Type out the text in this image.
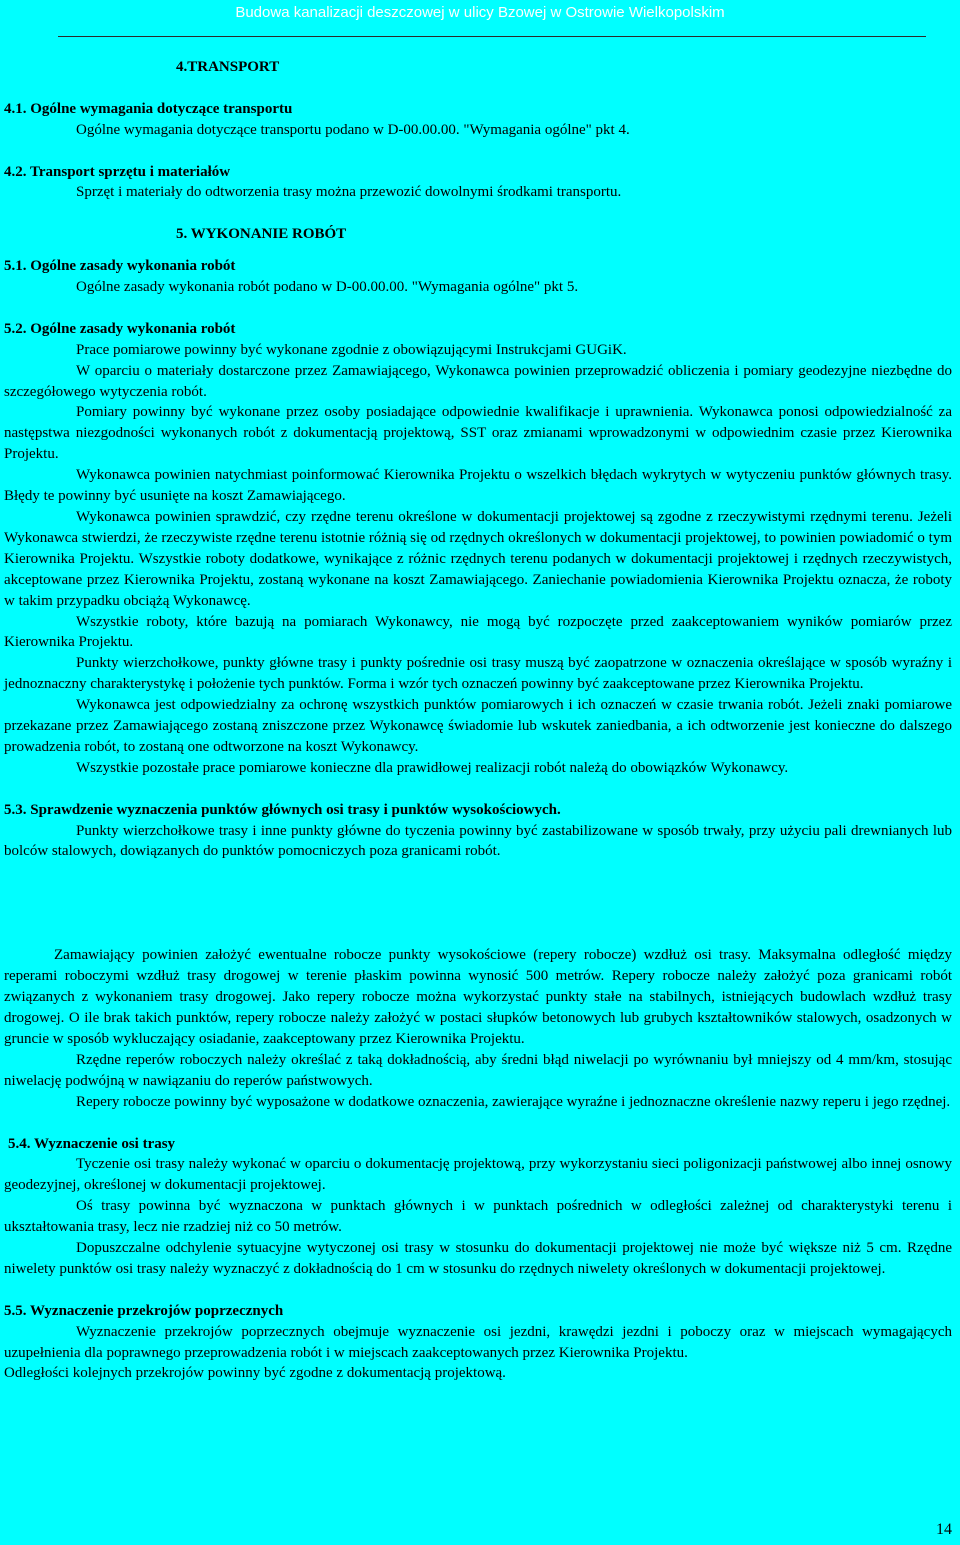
Budowa kanalizacji deszczowej w ulicy Bzowej w Ostrowie Wielkopolskim

4.TRANSPORT

4.1. Ogólne wymagania dotyczące transportu

Ogólne wymagania dotyczące transportu podano w D-00.00.00. "Wymagania ogólne" pkt 4.

4.2. Transport sprzętu i materiałów

Sprzęt i materiały do odtworzenia trasy można przewozić dowolnymi środkami transportu.

5. WYKONANIE ROBÓT

5.1. Ogólne zasady wykonania robót

Ogólne zasady wykonania robót podano w D-00.00.00. "Wymagania ogólne" pkt 5.

5.2. Ogólne zasady wykonania robót

Prace pomiarowe powinny być wykonane zgodnie z obowiązującymi Instrukcjami GUGiK.

W oparciu o materiały dostarczone przez Zamawiającego, Wykonawca powinien przeprowadzić obliczenia i pomiary geodezyjne niezbędne do szczegółowego wytyczenia robót.

Pomiary powinny być wykonane przez osoby posiadające odpowiednie kwalifikacje i uprawnienia. Wykonawca ponosi odpowiedzialność za następstwa niezgodności wykonanych robót z dokumentacją projektową, SST oraz zmianami wprowadzonymi w odpowiednim czasie przez Kierownika Projektu.

Wykonawca powinien natychmiast poinformować Kierownika Projektu o wszelkich błędach wykrytych w wytyczeniu punktów głównych trasy. Błędy te powinny być usunięte na koszt Zamawiającego.

Wykonawca powinien sprawdzić, czy rzędne terenu określone w dokumentacji projektowej są zgodne z rzeczywistymi rzędnymi terenu. Jeżeli Wykonawca stwierdzi, że rzeczywiste rzędne terenu istotnie różnią się od rzędnych określonych w dokumentacji projektowej, to powinien powiadomić o tym Kierownika Projektu. Wszystkie roboty dodatkowe, wynikające z różnic rzędnych terenu podanych w dokumentacji projektowej i rzędnych rzeczywistych, akceptowane przez Kierownika Projektu, zostaną wykonane na koszt Zamawiającego. Zaniechanie powiadomienia Kierownika Projektu oznacza, że roboty w takim przypadku obciążą Wykonawcę.

Wszystkie roboty, które bazują na pomiarach Wykonawcy, nie mogą być rozpoczęte przed zaakceptowaniem wyników pomiarów przez Kierownika Projektu.

Punkty wierzchołkowe, punkty główne trasy i punkty pośrednie osi trasy muszą być zaopatrzone w oznaczenia określające w sposób wyraźny i jednoznaczny charakterystykę i położenie tych punktów. Forma i wzór tych oznaczeń powinny być zaakceptowane przez Kierownika Projektu.

Wykonawca jest odpowiedzialny za ochronę wszystkich punktów pomiarowych i ich oznaczeń w czasie trwania robót. Jeżeli znaki pomiarowe przekazane przez Zamawiającego zostaną zniszczone przez Wykonawcę świadomie lub wskutek zaniedbania, a ich odtworzenie jest konieczne do dalszego prowadzenia robót, to zostaną one odtworzone na koszt Wykonawcy.

Wszystkie pozostałe prace pomiarowe konieczne dla prawidłowej realizacji robót należą do obowiązków Wykonawcy.

5.3. Sprawdzenie wyznaczenia punktów głównych osi trasy i punktów wysokościowych.

Punkty wierzchołkowe trasy i inne punkty główne do tyczenia powinny być zastabilizowane w sposób trwały, przy użyciu pali drewnianych lub bolców stalowych, dowiązanych do punktów pomocniczych poza granicami robót.

Zamawiający powinien założyć ewentualne robocze punkty wysokościowe (repery robocze) wzdłuż osi trasy. Maksymalna odległość między reperami roboczymi wzdłuż trasy drogowej w terenie płaskim powinna wynosić 500 metrów. Repery robocze należy założyć poza granicami robót związanych z wykonaniem trasy drogowej. Jako repery robocze można wykorzystać punkty stałe na stabilnych, istniejących budowlach wzdłuż trasy drogowej. O ile brak takich punktów, repery robocze należy założyć w postaci słupków betonowych lub grubych kształtowników stalowych, osadzonych w gruncie w sposób wykluczający osiadanie, zaakceptowany przez Kierownika Projektu.

Rzędne reperów roboczych należy określać z taką dokładnością, aby średni błąd niwelacji po wyrównaniu był mniejszy od 4 mm/km, stosując niwelację podwójną w nawiązaniu do reperów państwowych.

Repery robocze powinny być wyposażone w dodatkowe oznaczenia, zawierające wyraźne i jednoznaczne określenie nazwy reperu i jego rzędnej.

5.4. Wyznaczenie osi trasy

Tyczenie osi trasy należy wykonać w oparciu o dokumentację projektową, przy wykorzystaniu sieci poligonizacji państwowej albo innej osnowy geodezyjnej, określonej w dokumentacji projektowej.

Oś trasy powinna być wyznaczona w punktach głównych i w punktach pośrednich w odległości zależnej od charakterystyki terenu i ukształtowania trasy, lecz nie rzadziej niż co 50 metrów.

Dopuszczalne odchylenie sytuacyjne wytyczonej osi trasy w stosunku do dokumentacji projektowej nie może być większe niż 5 cm. Rzędne niwelety punktów osi trasy należy wyznaczyć z dokładnością do 1 cm w stosunku do rzędnych niwelety określonych w dokumentacji projektowej.

5.5. Wyznaczenie przekrojów poprzecznych

Wyznaczenie przekrojów poprzecznych obejmuje wyznaczenie osi jezdni, krawędzi jezdni i poboczy oraz w miejscach wymagających uzupełnienia dla poprawnego przeprowadzenia robót i w miejscach zaakceptowanych przez Kierownika Projektu.

Odległości kolejnych przekrojów powinny być zgodne z dokumentacją projektową.

14
